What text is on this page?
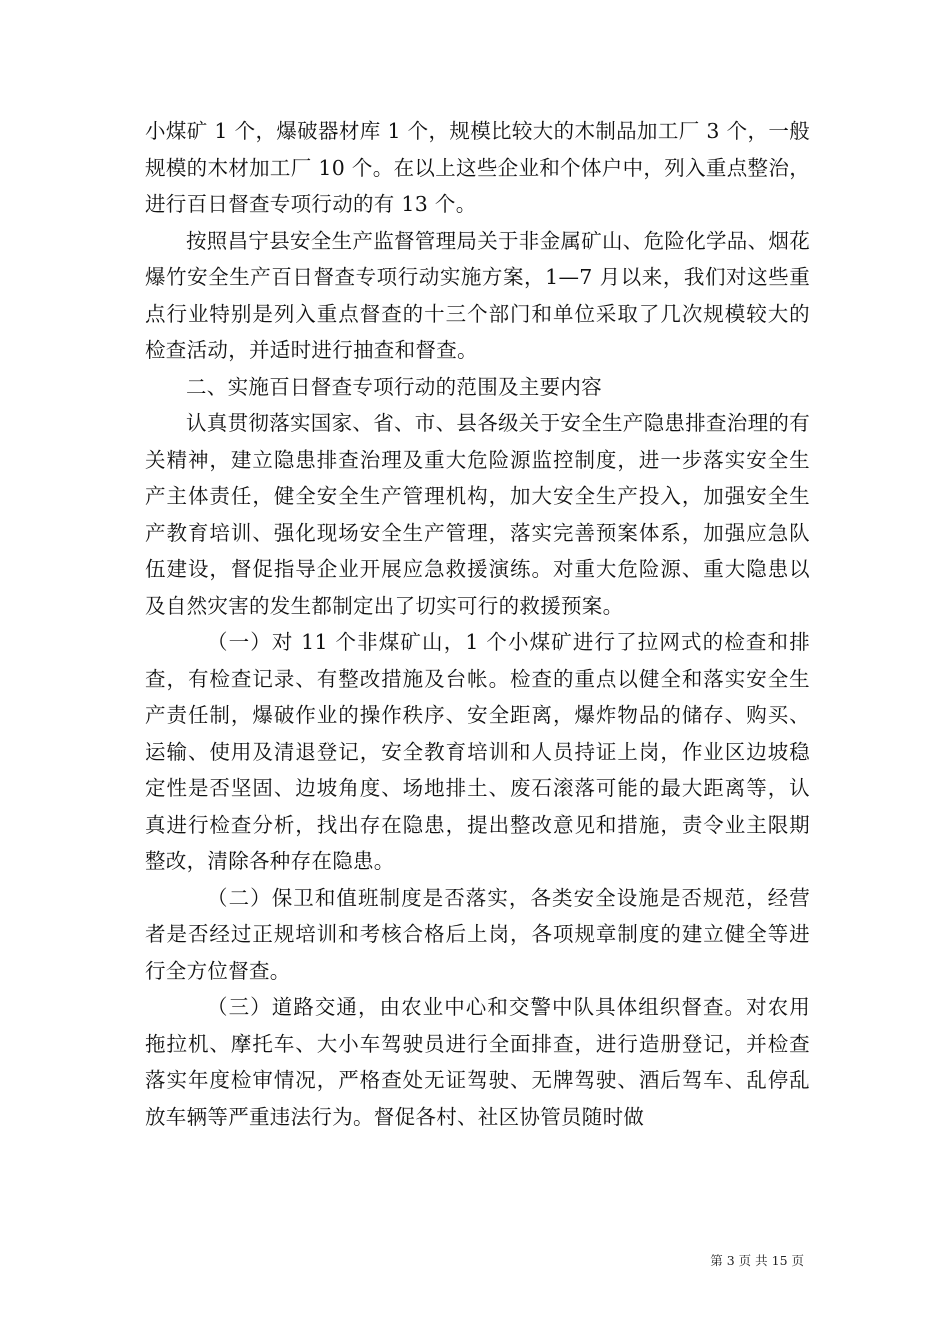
小煤矿 1 个，爆破器材库 1 个，规模比较大的木制品加工厂 3 个，一般规模的木材加工厂 10 个。在以上这些企业和个体户中，列入重点整治，进行百日督查专项行动的有 13 个。

按照昌宁县安全生产监督管理局关于非金属矿山、危险化学品、烟花爆竹安全生产百日督查专项行动实施方案，1—7 月以来，我们对这些重点行业特别是列入重点督查的十三个部门和单位采取了几次规模较大的检查活动，并适时进行抽查和督查。

二、实施百日督查专项行动的范围及主要内容

认真贯彻落实国家、省、市、县各级关于安全生产隐患排查治理的有关精神，建立隐患排查治理及重大危险源监控制度，进一步落实安全生产主体责任，健全安全生产管理机构，加大安全生产投入，加强安全生产教育培训、强化现场安全生产管理，落实完善预案体系，加强应急队伍建设，督促指导企业开展应急救援演练。对重大危险源、重大隐患以及自然灾害的发生都制定出了切实可行的救援预案。

（一）对 11 个非煤矿山，1 个小煤矿进行了拉网式的检查和排查，有检查记录、有整改措施及台帐。检查的重点以健全和落实安全生产责任制，爆破作业的操作秩序、安全距离，爆炸物品的储存、购买、运输、使用及清退登记，安全教育培训和人员持证上岗，作业区边坡稳定性是否坚固、边坡角度、场地排土、废石滚落可能的最大距离等，认真进行检查分析，找出存在隐患，提出整改意见和措施，责令业主限期整改，清除各种存在隐患。

（二）保卫和值班制度是否落实，各类安全设施是否规范，经营者是否经过正规培训和考核合格后上岗，各项规章制度的建立健全等进行全方位督查。

（三）道路交通，由农业中心和交警中队具体组织督查。对农用拖拉机、摩托车、大小车驾驶员进行全面排查，进行造册登记，并检查落实年度检审情况，严格查处无证驾驶、无牌驾驶、酒后驾车、乱停乱放车辆等严重违法行为。督促各村、社区协管员随时做

第 3 页 共 15 页
